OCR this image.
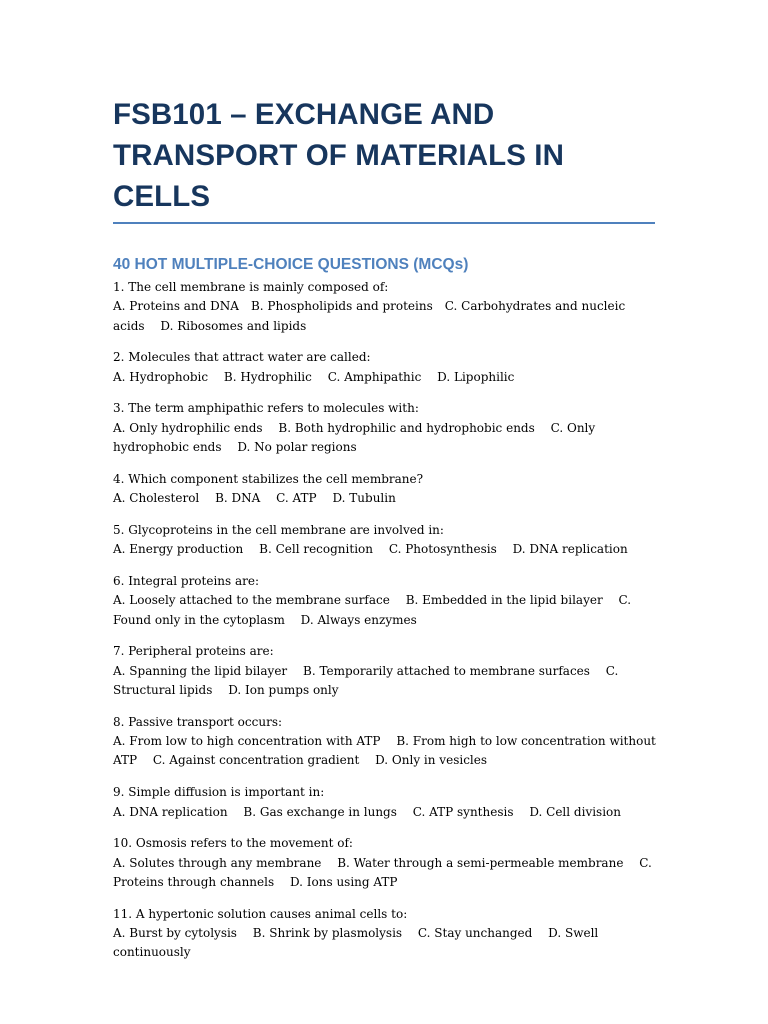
FSB101 – EXCHANGE AND TRANSPORT OF MATERIALS IN CELLS
40 HOT MULTIPLE-CHOICE QUESTIONS (MCQs)

1. The cell membrane is mainly composed of:

A. Proteins and DNA B. Phospholipids and proteins C. Carbohydrates and nucleic acids D. Ribosomes and lipids

2. Molecules that attract water are called:

A. Hydrophobic B. Hydrophilic C. Amphipathic D. Lipophilic

3. The term amphipathic refers to molecules with:

A. Only hydrophilic ends B. Both hydrophilic and hydrophobic ends C. Only hydrophobic ends D. No polar regions

4. Which component stabilizes the cell membrane?

A. Cholesterol B. DNA C. ATP D. Tubulin

5. Glycoproteins in the cell membrane are involved in:

A. Energy production B. Cell recognition C. Photosynthesis D. DNA replication

6. Integral proteins are:

A. Loosely attached to the membrane surface B. Embedded in the lipid bilayer C. Found only in the cytoplasm D. Always enzymes

7. Peripheral proteins are:

A. Spanning the lipid bilayer B. Temporarily attached to membrane surfaces C. Structural lipids D. Ion pumps only

8. Passive transport occurs:

A. From low to high concentration with ATP B. From high to low concentration without ATP C. Against concentration gradient D. Only in vesicles

9. Simple diffusion is important in:

A. DNA replication B. Gas exchange in lungs C. ATP synthesis D. Cell division

10. Osmosis refers to the movement of:

A. Solutes through any membrane B. Water through a semi-permeable membrane C. Proteins through channels D. Ions using ATP

11. A hypertonic solution causes animal cells to:

A. Burst by cytolysis B. Shrink by plasmolysis C. Stay unchanged D. Swell continuously
